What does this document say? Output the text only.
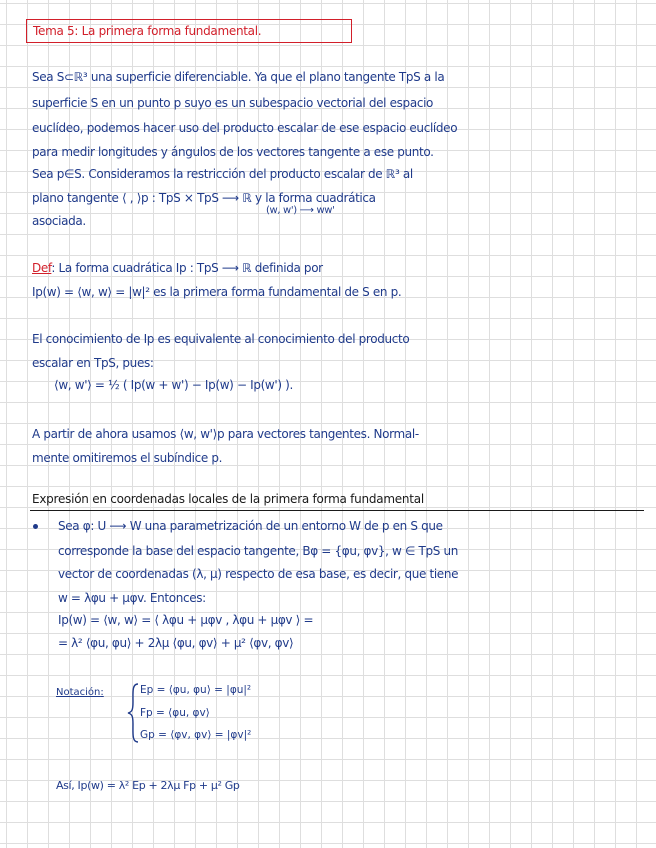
Tema 5: La primera forma fundamental.
Sea S⊂ℝ³ una superficie diferenciable. Ya que el plano tangente TpS a la
superficie S en un punto p suyo es un subespacio vectorial del espacio
euclídeo, podemos hacer uso del producto escalar de ese espacio euclídeo
para medir longitudes y ángulos de los vectores tangente a ese punto.
Sea p∈S. Consideramos la restricción del producto escalar de ℝ³ al
plano tangente ⟨ , ⟩p : TpS × TpS ⟶ ℝ y la forma cuadrática
(w, w') ⟶ ww'
asociada.
Def: La forma cuadrática Ip : TpS ⟶ ℝ definida por
Ip(w) = ⟨w, w⟩ = |w|² es la primera forma fundamental de S en p.
El conocimiento de Ip es equivalente al conocimiento del producto
escalar en TpS, pues:
⟨w, w'⟩ = ½ ( Ip(w + w') − Ip(w) − Ip(w') ).
A partir de ahora usamos ⟨w, w'⟩p para vectores tangentes. Normal-
mente omitiremos el subíndice p.
Expresión en coordenadas locales de la primera forma fundamental
Sea φ: U ⟶ W una parametrización de un entorno W de p en S que
corresponde la base del espacio tangente, Bφ = {φu, φv}, w ∈ TpS un
vector de coordenadas (λ, μ) respecto de esa base, es decir, que tiene
w = λφu + μφv. Entonces:
Ip(w) = ⟨w, w⟩ = ⟨ λφu + μφv , λφu + μφv ⟩ =
= λ² ⟨φu, φu⟩ + 2λμ ⟨φu, φv⟩ + μ² ⟨φv, φv⟩
Notación:	Ep = ⟨φu, φu⟩ = |φu|²
Fp = ⟨φu, φv⟩
Gp = ⟨φv, φv⟩ = |φv|²
Así, Ip(w) = λ² Ep + 2λμ Fp + μ² Gp
